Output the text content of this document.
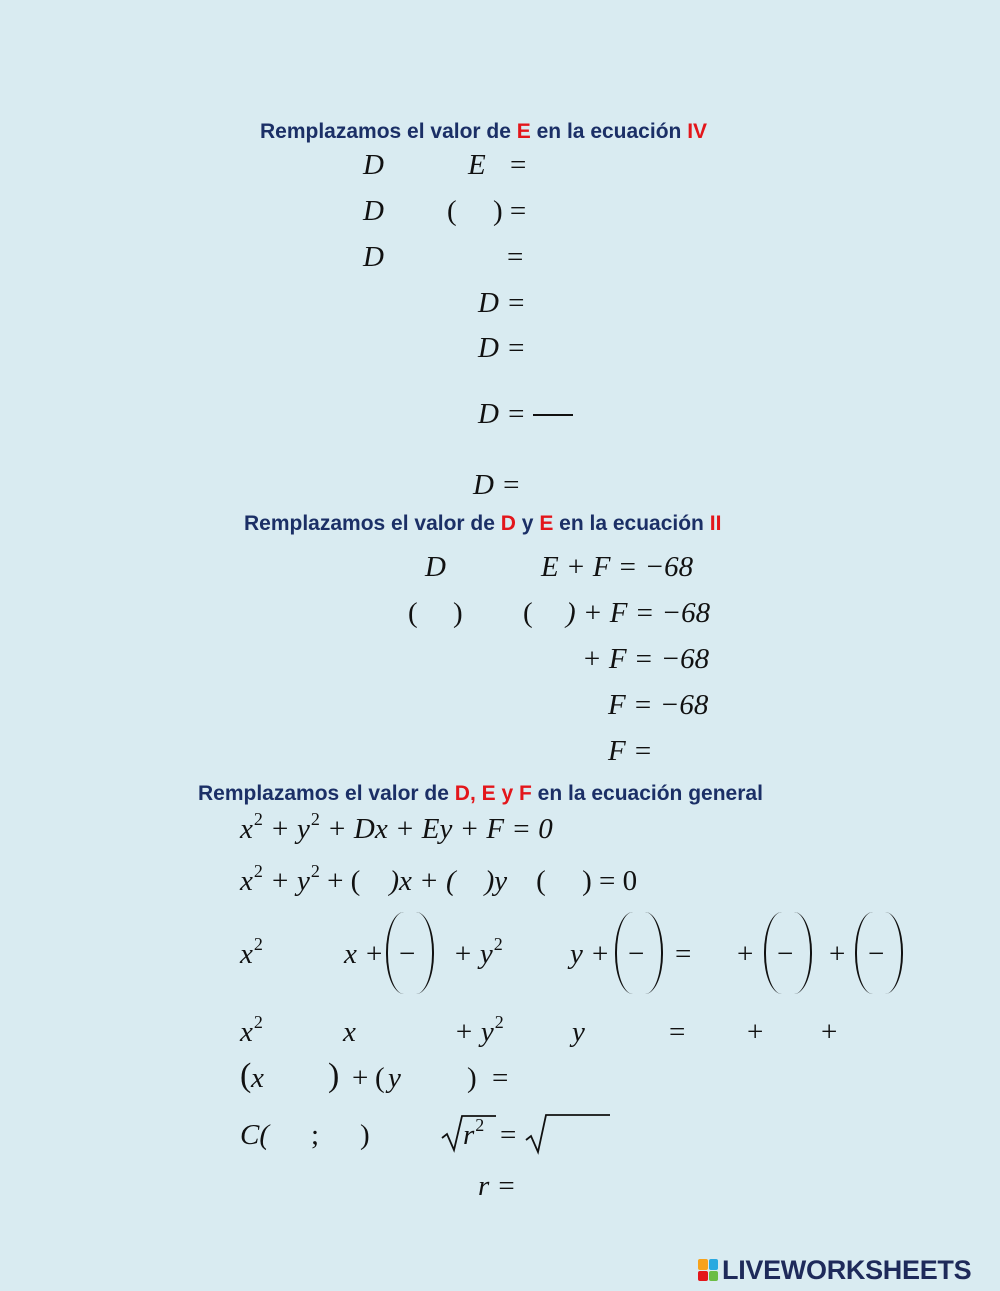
Remplazamos el valor de E en la ecuación IV
D	E =
D ( ) =
D	=
D =
D =
D =
D =
Remplazamos el valor de D y E en la ecuación II
D	E + F = −68
( ) ( ) + F = −68
+ F = −68
F = −68
F =
Remplazamos el valor de D, E y F en la ecuación general
$x^2 + y^2 + Dx + Ey + F = 0$
$x^2 + y^2$ + ( )x + ( )y ( ) = 0
$x^2$	x + − + $y^2$ y + − = + − + −
$x^2$	x	+ $y^2$ y	= + +
( x ) + ( y ) =
C( ; )	$r^2$ =
r =
LIVEWORKSHEETS
